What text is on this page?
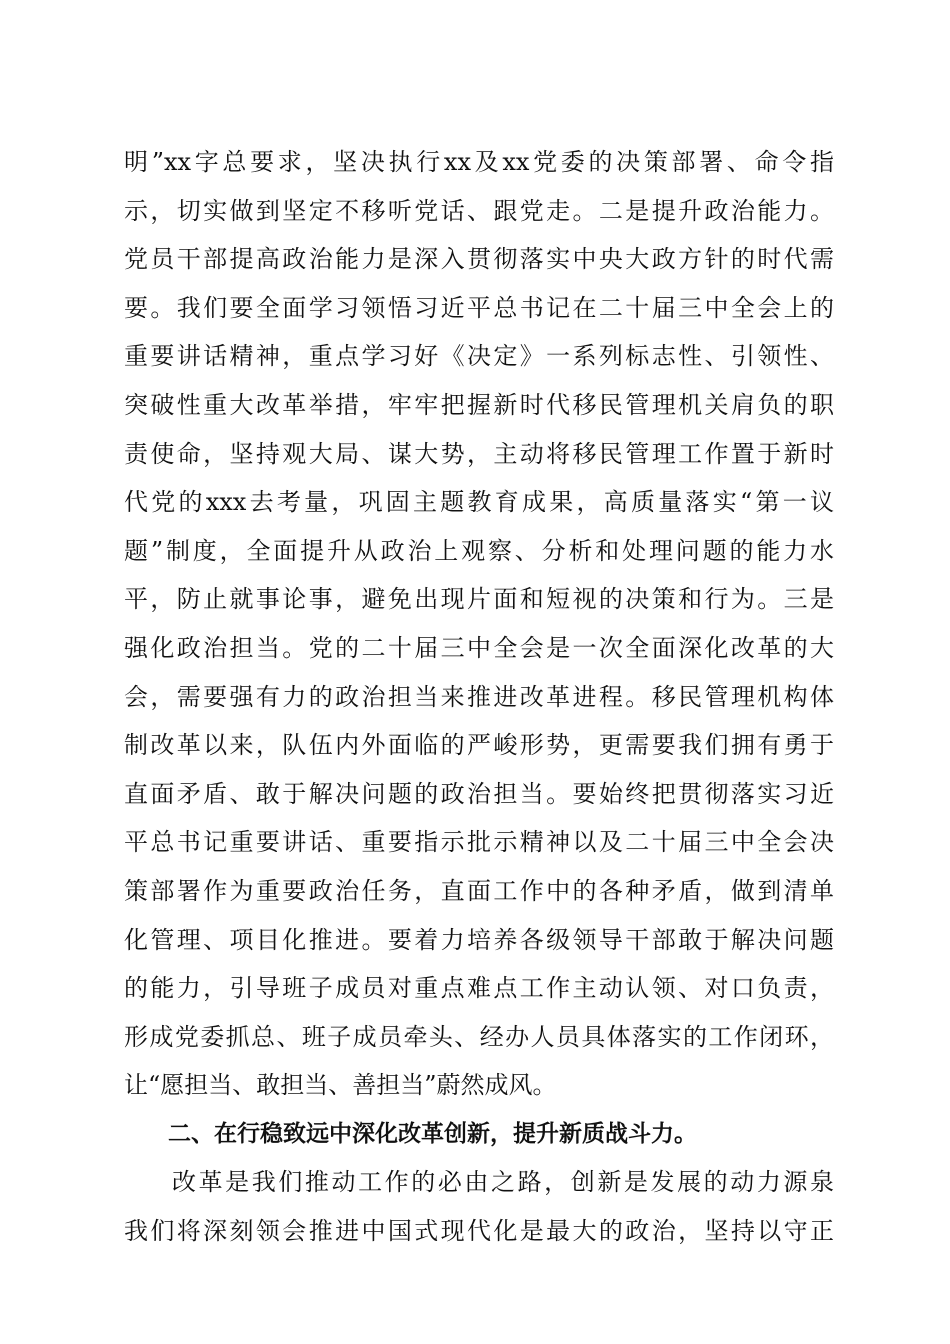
明”xx字总要求，坚决执行xx及xx党委的决策部署、命令指
示，切实做到坚定不移听党话、跟党走。二是提升政治能力。
党员干部提高政治能力是深入贯彻落实中央大政方针的时代需
要。我们要全面学习领悟习近平总书记在二十届三中全会上的
重要讲话精神，重点学习好《决定》一系列标志性、引领性、
突破性重大改革举措，牢牢把握新时代移民管理机关肩负的职
责使命，坚持观大局、谋大势，主动将移民管理工作置于新时
代党的xxx去考量，巩固主题教育成果，高质量落实“第一议
题”制度，全面提升从政治上观察、分析和处理问题的能力水
平，防止就事论事，避免出现片面和短视的决策和行为。三是
强化政治担当。党的二十届三中全会是一次全面深化改革的大
会，需要强有力的政治担当来推进改革进程。移民管理机构体
制改革以来，队伍内外面临的严峻形势，更需要我们拥有勇于
直面矛盾、敢于解决问题的政治担当。要始终把贯彻落实习近
平总书记重要讲话、重要指示批示精神以及二十届三中全会决
策部署作为重要政治任务，直面工作中的各种矛盾，做到清单
化管理、项目化推进。要着力培养各级领导干部敢于解决问题
的能力，引导班子成员对重点难点工作主动认领、对口负责，
形成党委抓总、班子成员牵头、经办人员具体落实的工作闭环，
让“愿担当、敢担当、善担当”蔚然成风。
二、在行稳致远中深化改革创新，提升新质战斗力。
改革是我们推动工作的必由之路，创新是发展的动力源泉
我们将深刻领会推进中国式现代化是最大的政治，坚持以守正
